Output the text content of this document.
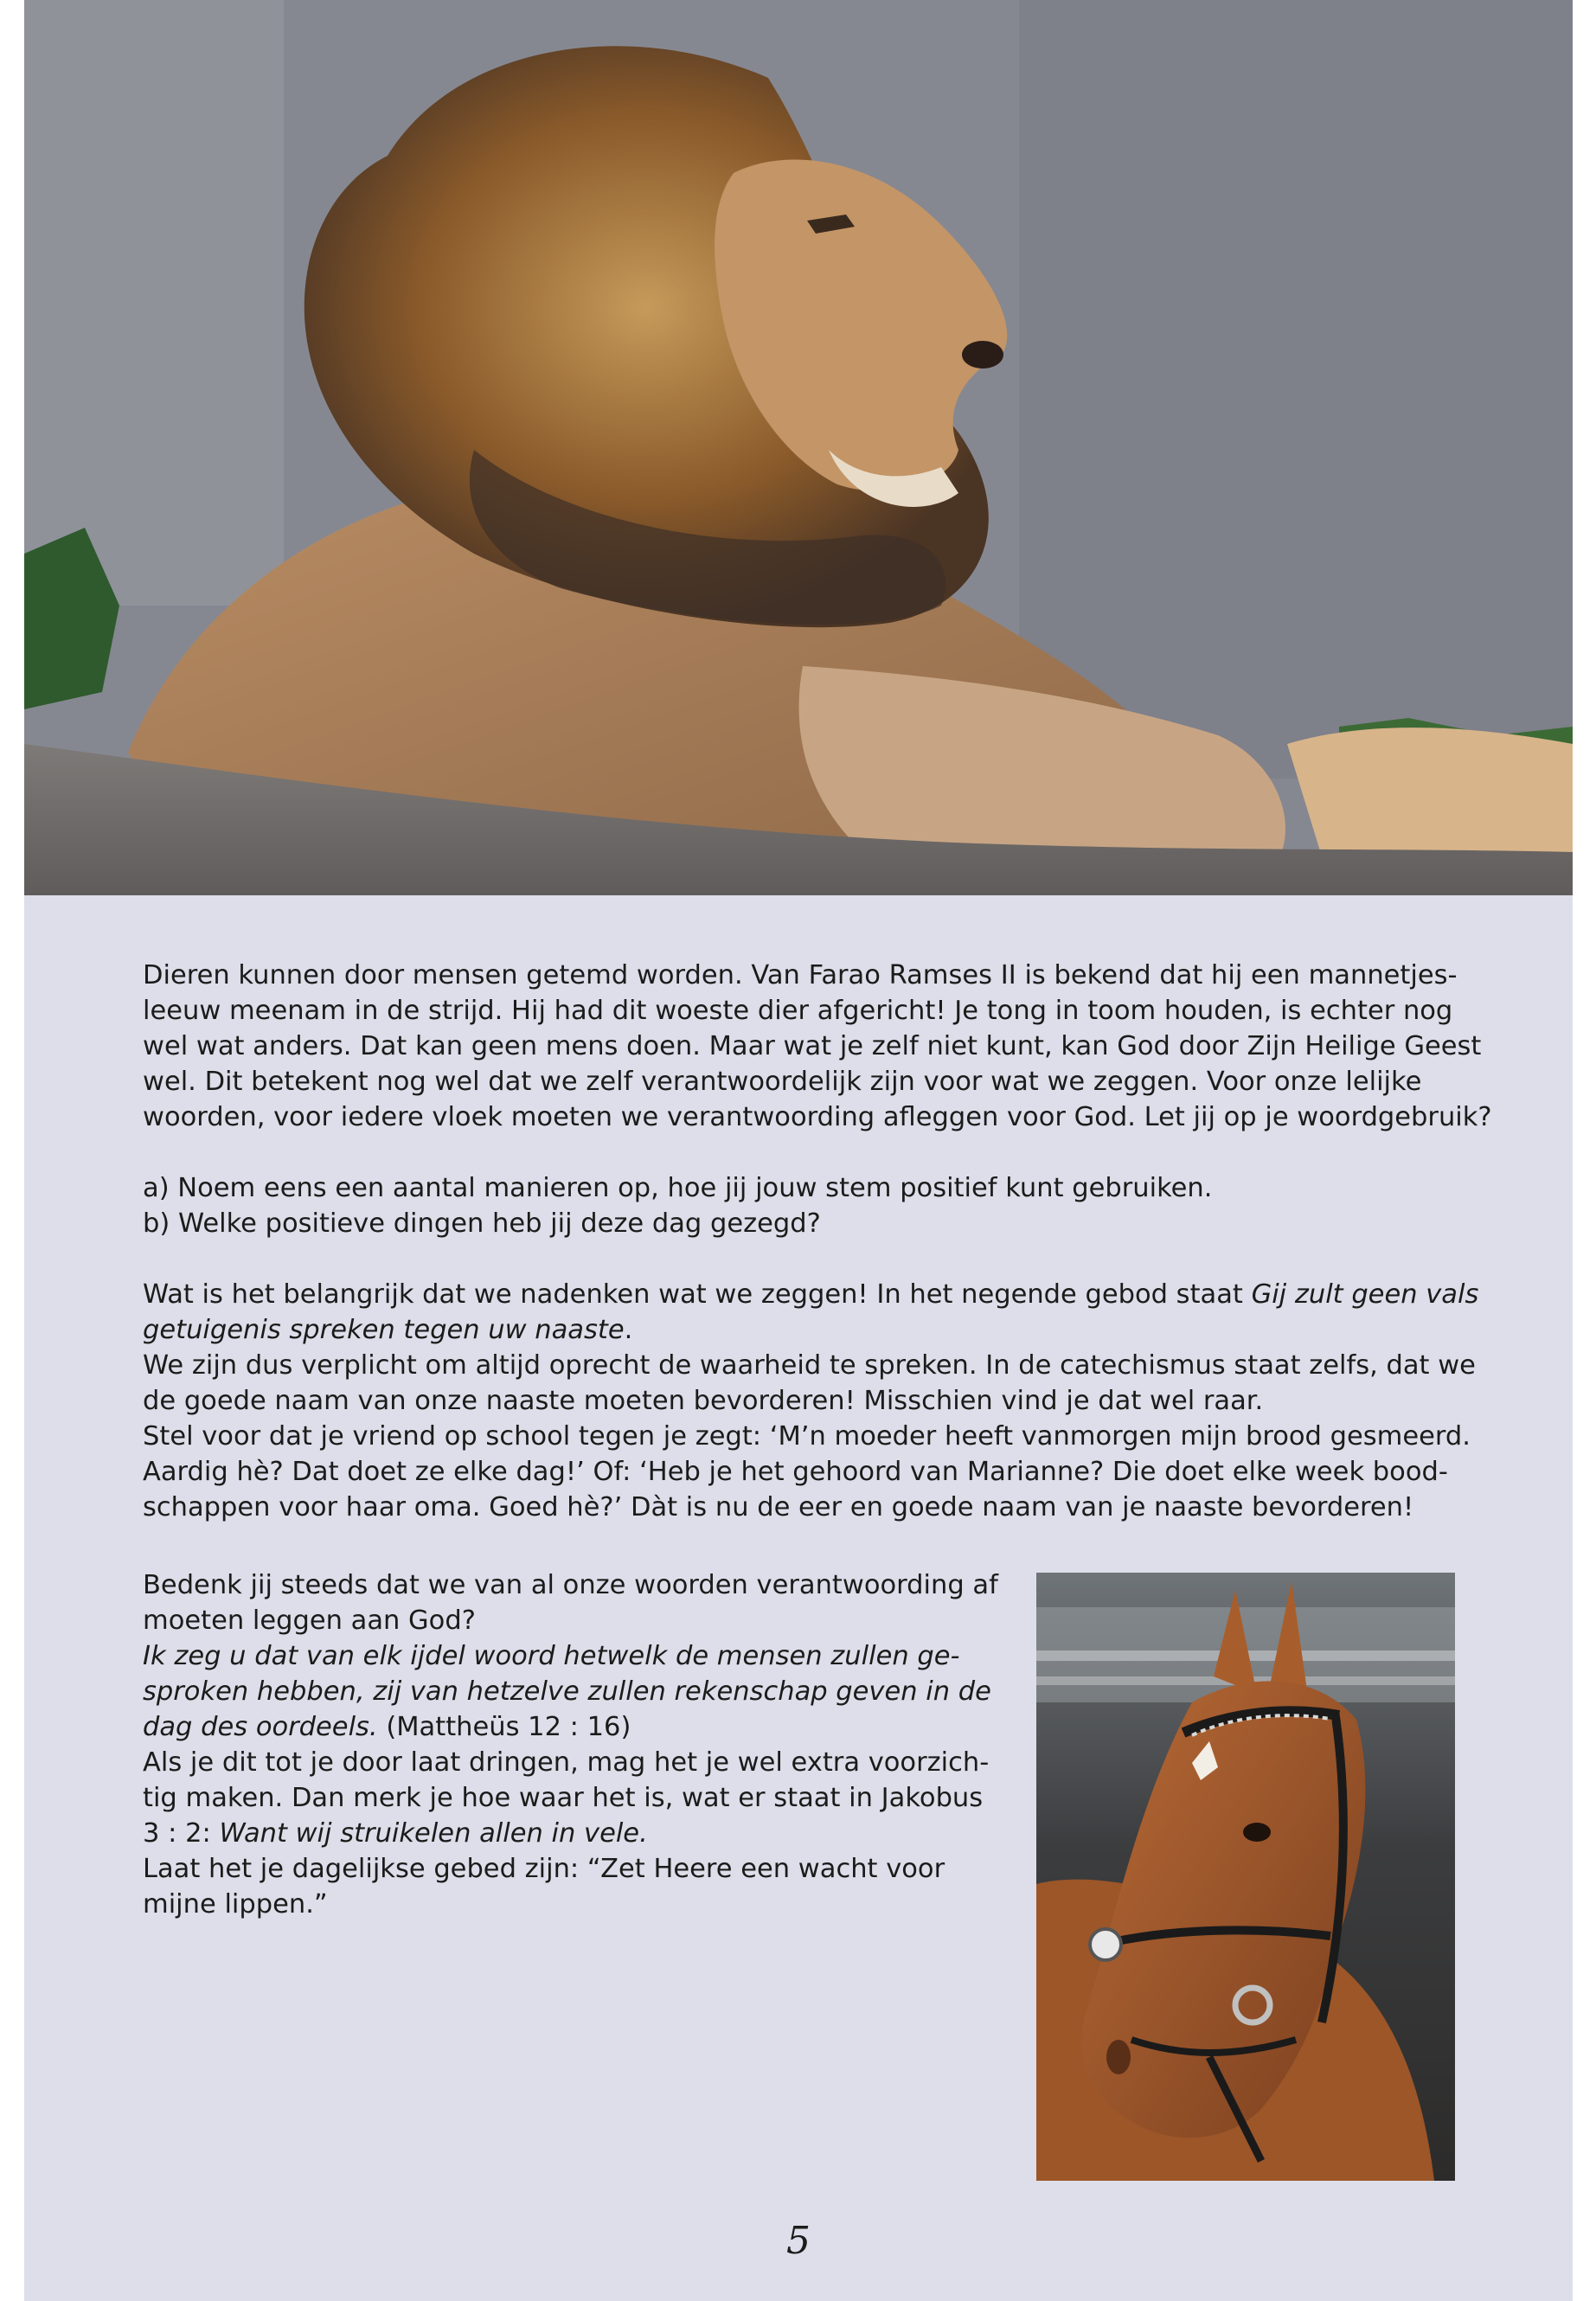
Dieren kunnen door mensen getemd worden. Van Farao Ramses II is bekend dat hij een mannetjes-
leeuw meenam in de strijd. Hij had dit woeste dier afgericht! Je tong in toom houden, is echter nog
wel wat anders. Dat kan geen mens doen. Maar wat je zelf niet kunt, kan God door Zijn Heilige Geest
wel. Dit betekent nog wel dat we zelf verantwoordelijk zijn voor wat we zeggen. Voor onze lelijke
woorden, voor iedere vloek moeten we verantwoording afleggen voor God. Let jij op je woordgebruik?

a) Noem eens een aantal manieren op, hoe jij jouw stem positief kunt gebruiken.
b) Welke positieve dingen heb jij deze dag gezegd?

Wat is het belangrijk dat we nadenken wat we zeggen! In het negende gebod staat Gij zult geen vals
getuigenis spreken tegen uw naaste.
We zijn dus verplicht om altijd oprecht de waarheid te spreken. In de catechismus staat zelfs, dat we
de goede naam van onze naaste moeten bevorderen! Misschien vind je dat wel raar.
Stel voor dat je vriend op school tegen je zegt: ‘M’n moeder heeft vanmorgen mijn brood gesmeerd.
Aardig hè? Dat doet ze elke dag!’ Of: ‘Heb je het gehoord van Marianne? Die doet elke week bood-
schappen voor haar oma. Goed hè?’ Dàt is nu de eer en goede naam van je naaste bevorderen!
Bedenk jij steeds dat we van al onze woorden verantwoording af
moeten leggen aan God?
Ik zeg u dat van elk ijdel woord hetwelk de mensen zullen ge-
sproken hebben, zij van hetzelve zullen rekenschap geven in de
dag des oordeels. (Mattheüs 12 : 16)
Als je dit tot je door laat dringen, mag het je wel extra voorzich-
tig maken. Dan merk je hoe waar het is, wat er staat in Jakobus
3 : 2: Want wij struikelen allen in vele.
Laat het je dagelijkse gebed zijn: “Zet Heere een wacht voor
mijne lippen.”
5
